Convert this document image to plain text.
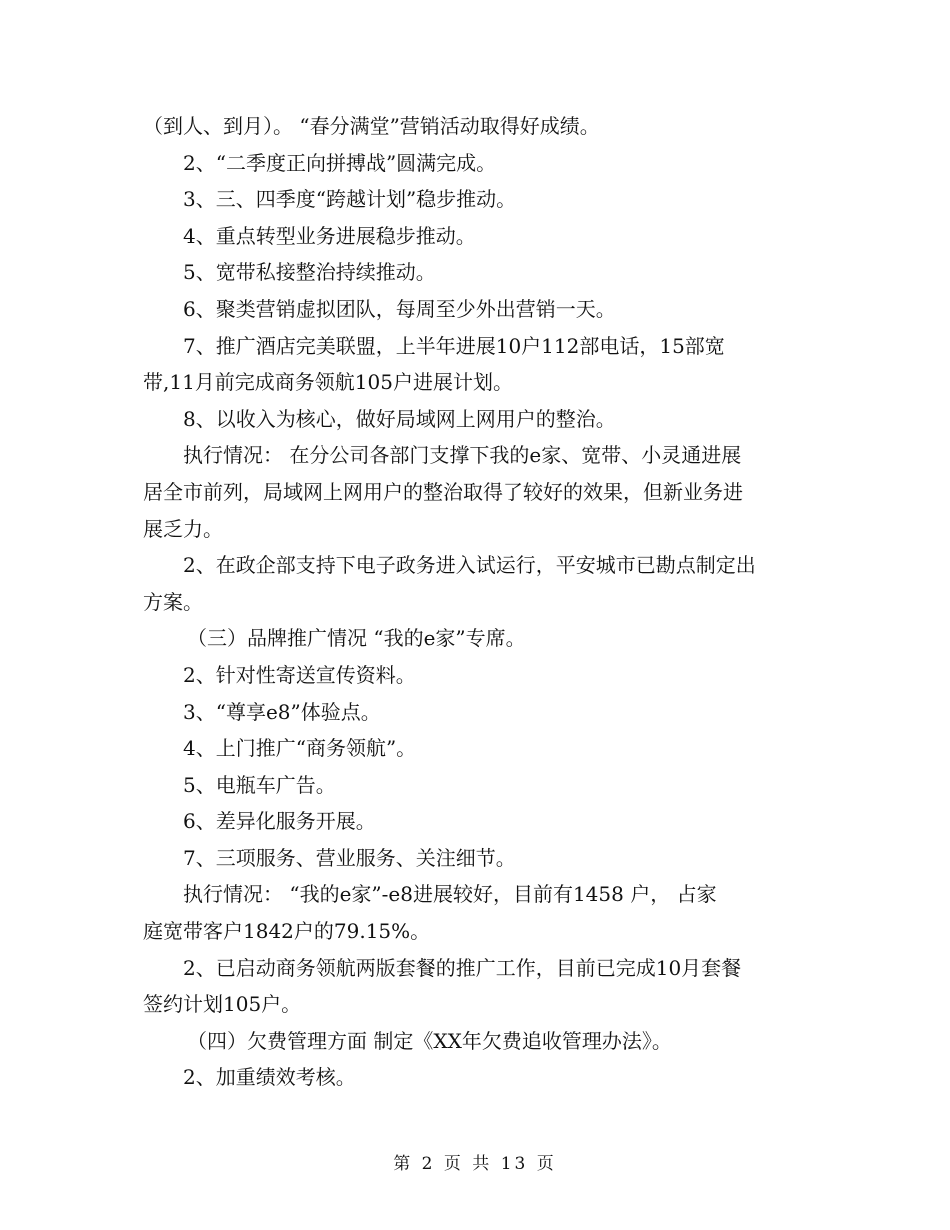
（到人、到月）。 “春分满堂”营销活动取得好成绩。
2、“二季度正向拼搏战”圆满完成。
3、三、四季度“跨越计划”稳步推动。
4、重点转型业务进展稳步推动。
5、宽带私接整治持续推动。
6、聚类营销虚拟团队，每周至少外出营销一天。
7、推广酒店完美联盟，上半年进展10户112部电话，15部宽
带,11月前完成商务领航105户进展计划。
8、以收入为核心，做好局域网上网用户的整治。
执行情况： 在分公司各部门支撑下我的e家、宽带、小灵通进展
居全市前列，局域网上网用户的整治取得了较好的效果，但新业务进
展乏力。
2、在政企部支持下电子政务进入试运行，平安城市已勘点制定出
方案。
（三）品牌推广情况 “我的e家”专席。
2、针对性寄送宣传资料。
3、“尊享e8”体验点。
4、上门推广“商务领航”。
5、电瓶车广告。
6、差异化服务开展。
7、三项服务、营业服务、关注细节。
执行情况： “我的e家”-e8进展较好，目前有1458 户， 占家
庭宽带客户1842户的79.15%。
2、已启动商务领航两版套餐的推广工作，目前已完成10月套餐
签约计划105户。
（四）欠费管理方面 制定《XX年欠费追收管理办法》。
2、加重绩效考核。
第 2 页 共 13 页
